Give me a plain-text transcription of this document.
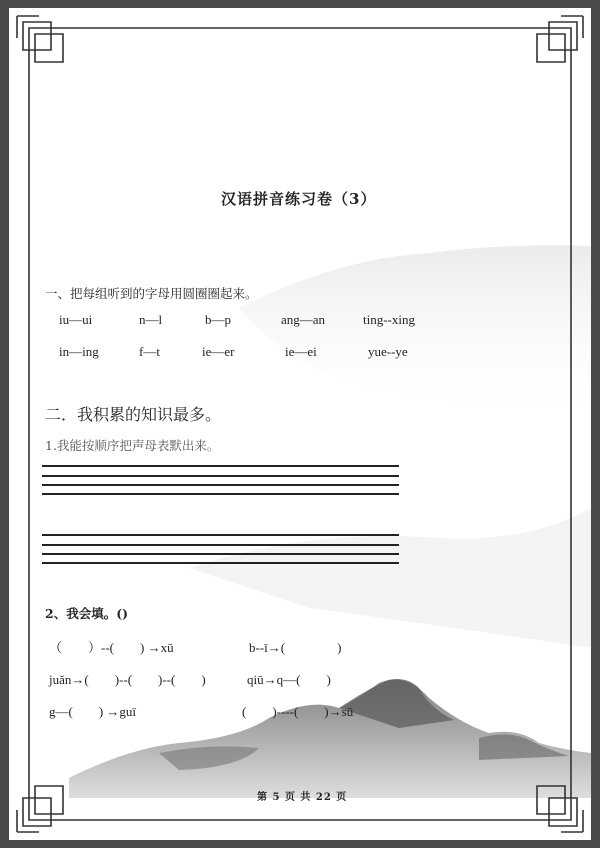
汉语拼音练习卷（3）
一、把每组听到的字母用圆圈圈起来。
iu—ui	n—l	b—p	ang—an	ting--xing
in—ing	f—t	ie—er	ie—ei	yue--ye
二．我积累的知识最多。
1.我能按顺序把声母表默出来。
2、我会填。()
（　　）--(　　) →xū	b--ī→(　　　　)
juǎn→(　　)--(　　)--(　　)	qiū→q—(　　)
g—(　　) →guī	(　　)----(　　)→sū
第 5 页 共 22 页
